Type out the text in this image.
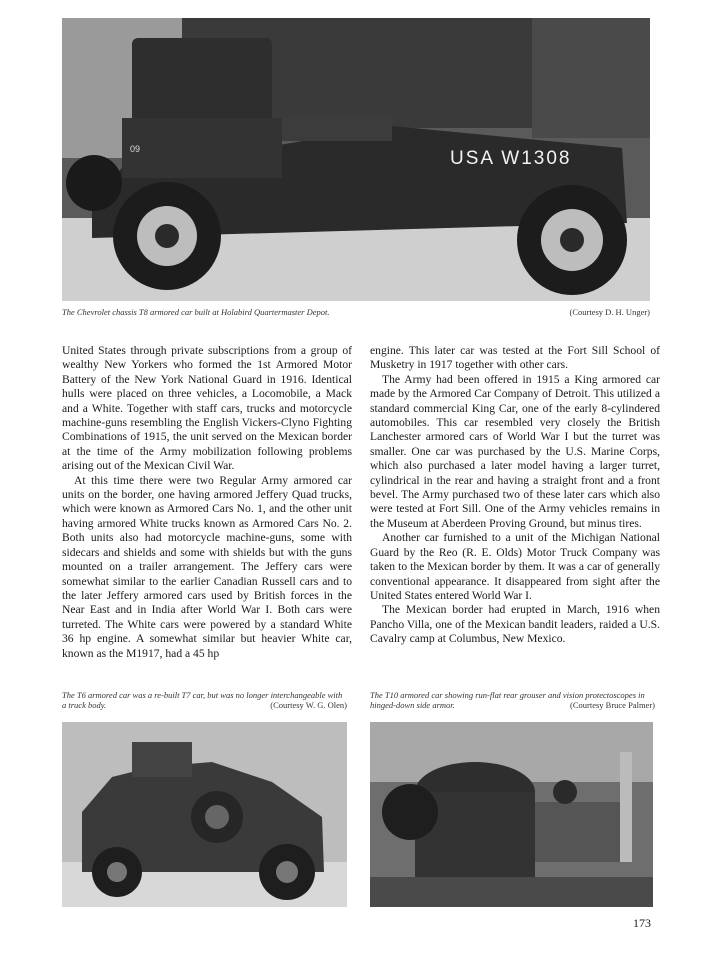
USA W1308
09
The Chevrolet chassis T8 armored car built at Holabird Quartermaster Depot.	(Courtesy D. H. Unger)

United States through private subscriptions from a group of wealthy New Yorkers who formed the 1st Armored Motor Battery of the New York National Guard in 1916. Identical hulls were placed on three vehicles, a Locomobile, a Mack and a White. Together with staff cars, trucks and motorcycle machine-guns resembling the English Vickers-Clyno Fighting Combinations of 1915, the unit served on the Mexican border at the time of the Army mobilization following problems arising out of the Mexican Civil War.

At this time there were two Regular Army armored car units on the border, one having armored Jeffery Quad trucks, which were known as Armored Cars No. 1, and the other unit having armored White trucks known as Armored Cars No. 2. Both units also had motorcycle machine-guns, some with sidecars and shields and some with shields but with the guns mounted on a trailer arrangement. The Jeffery cars were somewhat similar to the earlier Canadian Russell cars and to the later Jeffery armored cars used by British forces in the Near East and in India after World War I. Both cars were turreted. The White cars were powered by a standard White 36 hp engine. A somewhat similar but heavier White car, known as the M1917, had a 45 hp

engine. This later car was tested at the Fort Sill School of Musketry in 1917 together with other cars.

The Army had been offered in 1915 a King armored car made by the Armored Car Company of Detroit. This utilized a standard commercial King Car, one of the early 8-cylindered automobiles. This car resembled very closely the British Lanchester armored cars of World War I but the turret was smaller. One car was purchased by the U.S. Marine Corps, which also purchased a later model having a larger turret, cylindrical in the rear and having a straight front and a front bevel. The Army purchased two of these later cars which also were tested at Fort Sill. One of the Army vehicles remains in the Museum at Aberdeen Proving Ground, but minus tires.

Another car furnished to a unit of the Michigan National Guard by the Reo (R. E. Olds) Motor Truck Company was taken to the Mexican border by them. It was a car of generally conventional appearance. It disappeared from sight after the United States entered World War I.

The Mexican border had erupted in March, 1916 when Pancho Villa, one of the Mexican bandit leaders, raided a U.S. Cavalry camp at Columbus, New Mexico.

The T6 armored car was a re-built T7 car, but was no longer interchangeable with a truck body.	(Courtesy W. G. Olen)
The T10 armored car showing run-flat rear grouser and vision protectoscopes in hinged-down side armor.	(Courtesy Bruce Palmer)
173
